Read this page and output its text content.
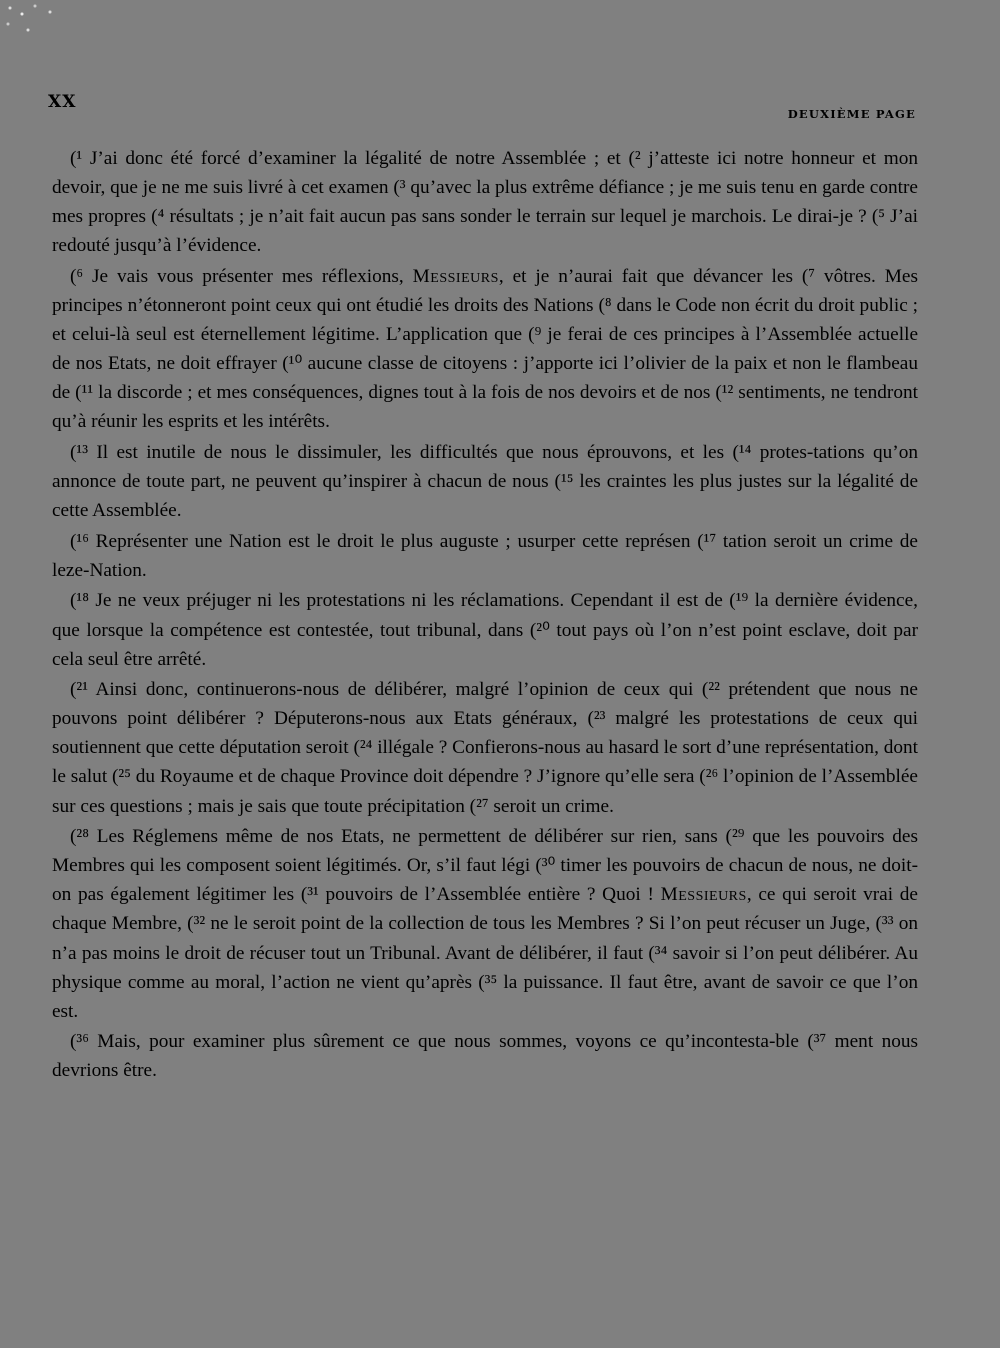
XX
DEUXIÈME PAGE

(¹ J’ai donc été forcé d’examiner la légalité de notre Assemblée ; et (² j’atteste ici notre honneur et mon devoir, que je ne me suis livré à cet examen (³ qu’avec la plus extrême défiance ; je me suis tenu en garde contre mes propres (⁴ résultats ; je n’ait fait aucun pas sans sonder le terrain sur lequel je marchois. Le dirai-je ? (⁵ J’ai redouté jusqu’à l’évidence.

(⁶ Je vais vous présenter mes réflexions, Messieurs, et je n’aurai fait que dévancer les (⁷ vôtres. Mes principes n’étonneront point ceux qui ont étudié les droits des Nations (⁸ dans le Code non écrit du droit public ; et celui-là seul est éternellement légitime. L’application que (⁹ je ferai de ces principes à l’Assemblée actuelle de nos Etats, ne doit effrayer (¹⁰ aucune classe de citoyens : j’apporte ici l’olivier de la paix et non le flambeau de (¹¹ la discorde ; et mes conséquences, dignes tout à la fois de nos devoirs et de nos (¹² sentiments, ne tendront qu’à réunir les esprits et les intérêts.

(¹³ Il est inutile de nous le dissimuler, les difficultés que nous éprouvons, et les (¹⁴ protes-tations qu’on annonce de toute part, ne peuvent qu’inspirer à chacun de nous (¹⁵ les craintes les plus justes sur la légalité de cette Assemblée.

(¹⁶ Représenter une Nation est le droit le plus auguste ; usurper cette représen (¹⁷ tation seroit un crime de leze-Nation.

(¹⁸ Je ne veux préjuger ni les protestations ni les réclamations. Cependant il est de (¹⁹ la dernière évidence, que lorsque la compétence est contestée, tout tribunal, dans (²⁰ tout pays où l’on n’est point esclave, doit par cela seul être arrêté.

(²¹ Ainsi donc, continuerons-nous de délibérer, malgré l’opinion de ceux qui (²² prétendent que nous ne pouvons point délibérer ? Députerons-nous aux Etats généraux, (²³ malgré les protestations de ceux qui soutiennent que cette députation seroit (²⁴ illégale ? Confierons-nous au hasard le sort d’une représentation, dont le salut (²⁵ du Royaume et de chaque Province doit dépendre ? J’ignore qu’elle sera (²⁶ l’opinion de l’Assemblée sur ces questions ; mais je sais que toute précipitation (²⁷ seroit un crime.

(²⁸ Les Réglemens même de nos Etats, ne permettent de délibérer sur rien, sans (²⁹ que les pouvoirs des Membres qui les composent soient légitimés. Or, s’il faut légi (³⁰ timer les pouvoirs de chacun de nous, ne doit-on pas également légitimer les (³¹ pouvoirs de l’Assemblée entière ? Quoi ! Messieurs, ce qui seroit vrai de chaque Membre, (³² ne le seroit point de la collection de tous les Membres ? Si l’on peut récuser un Juge, (³³ on n’a pas moins le droit de récuser tout un Tribunal. Avant de délibérer, il faut (³⁴ savoir si l’on peut délibérer. Au physique comme au moral, l’action ne vient qu’après (³⁵ la puissance. Il faut être, avant de savoir ce que l’on est.

(³⁶ Mais, pour examiner plus sûrement ce que nous sommes, voyons ce qu’incontesta-ble (³⁷ ment nous devrions être.
